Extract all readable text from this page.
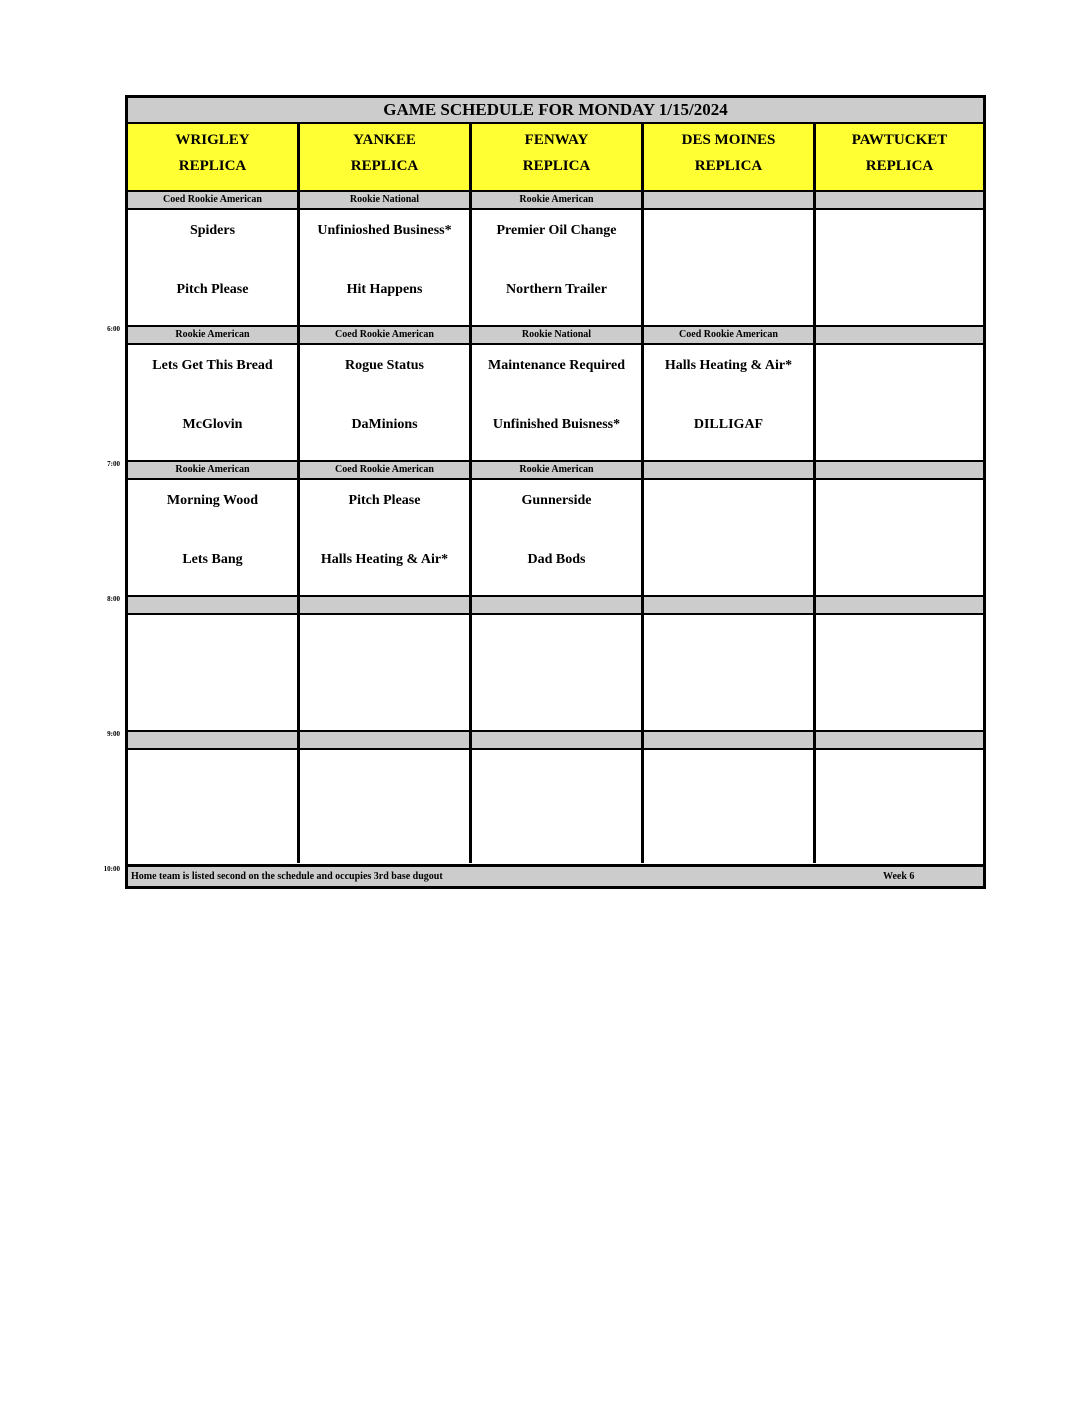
GAME SCHEDULE FOR MONDAY 1/15/2024
WRIGLEY
REPLICA
YANKEE
REPLICA
FENWAY
REPLICA
DES MOINES
REPLICA
PAWTUCKET
REPLICA
Coed Rookie American
Spiders
Pitch Please
Rookie National
Unfinioshed Business*
Hit Happens
Rookie American
Premier Oil Change
Northern Trailer
Rookie American
Lets Get This Bread
McGlovin
Coed Rookie American
Rogue Status
DaMinions
Rookie National
Maintenance Required
Unfinished Buisness*
Coed Rookie American
Halls Heating & Air*
DILLIGAF
Rookie American
Morning Wood
Lets Bang
Coed Rookie American
Pitch Please
Halls Heating & Air*
Rookie American
Gunnerside
Dad Bods
Home team is listed second on the schedule and occupies 3rd base dugout	Week 6
6:00
7:00
8:00
9:00
10:00
